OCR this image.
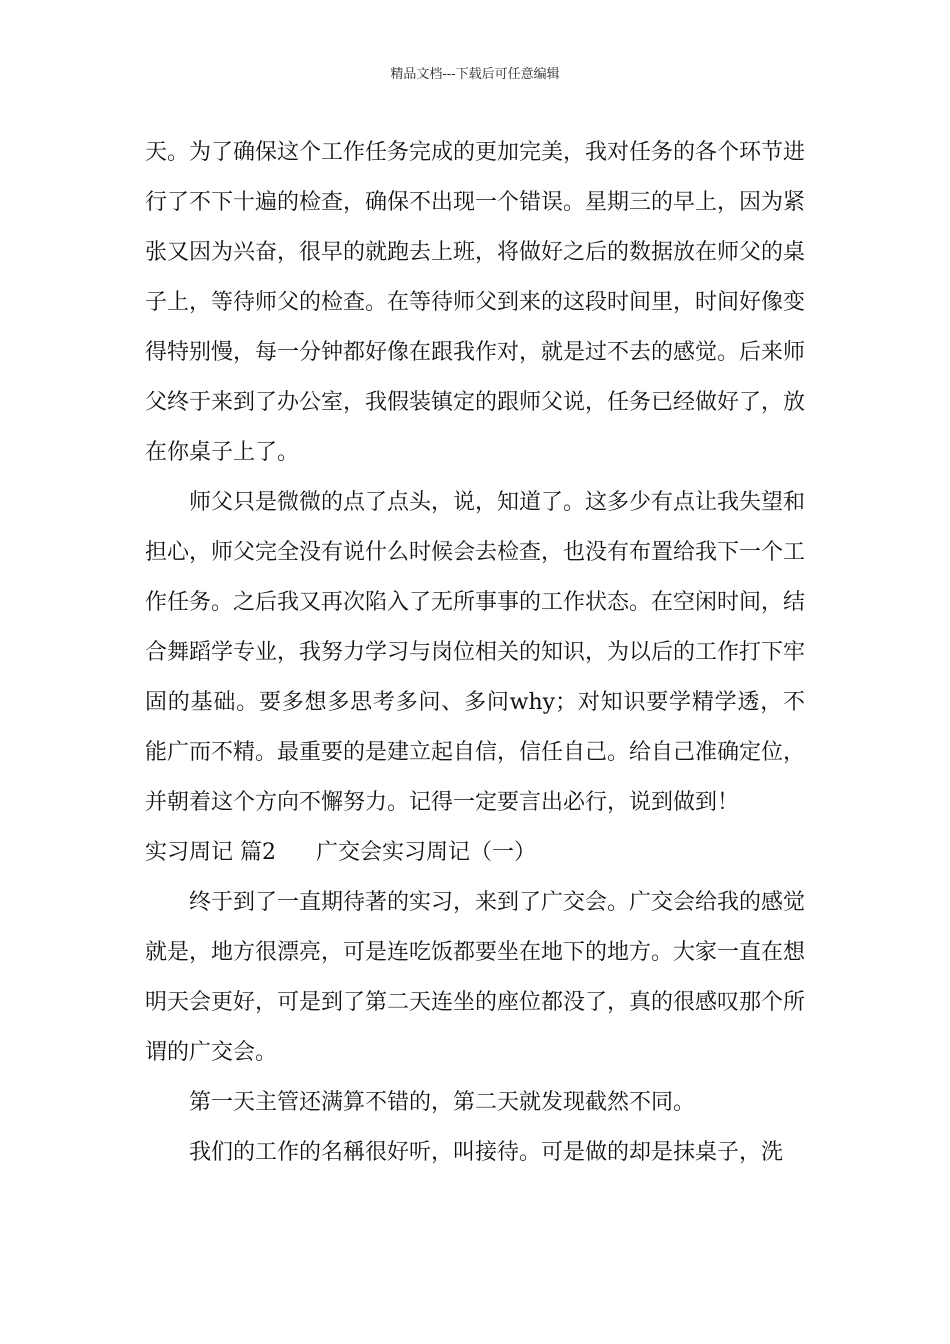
精品文档---下载后可任意编辑

天。为了确保这个工作任务完成的更加完美，我对任务的各个环节进行了不下十遍的检查，确保不出现一个错误。星期三的早上，因为紧张又因为兴奋，很早的就跑去上班，将做好之后的数据放在师父的桌子上，等待师父的检查。在等待师父到来的这段时间里，时间好像变得特别慢，每一分钟都好像在跟我作对，就是过不去的感觉。后来师父终于来到了办公室，我假装镇定的跟师父说，任务已经做好了，放在你桌子上了。

师父只是微微的点了点头，说，知道了。这多少有点让我失望和担心，师父完全没有说什么时候会去检查，也没有布置给我下一个工作任务。之后我又再次陷入了无所事事的工作状态。在空闲时间，结合舞蹈学专业，我努力学习与岗位相关的知识，为以后的工作打下牢固的基础。要多想多思考多问、多问why；对知识要学精学透，不能广而不精。最重要的是建立起自信，信任自己。给自己准确定位，并朝着这个方向不懈努力。记得一定要言出必行，说到做到！

实习周记 篇2 广交会实习周记（一）

终于到了一直期待著的实习，来到了广交会。广交会给我的感觉就是，地方很漂亮，可是连吃饭都要坐在地下的地方。大家一直在想明天会更好，可是到了第二天连坐的座位都没了，真的很感叹那个所谓的广交会。

第一天主管还满算不错的，第二天就发现截然不同。

我们的工作的名稱很好听，叫接待。可是做的却是抹桌子，洗
